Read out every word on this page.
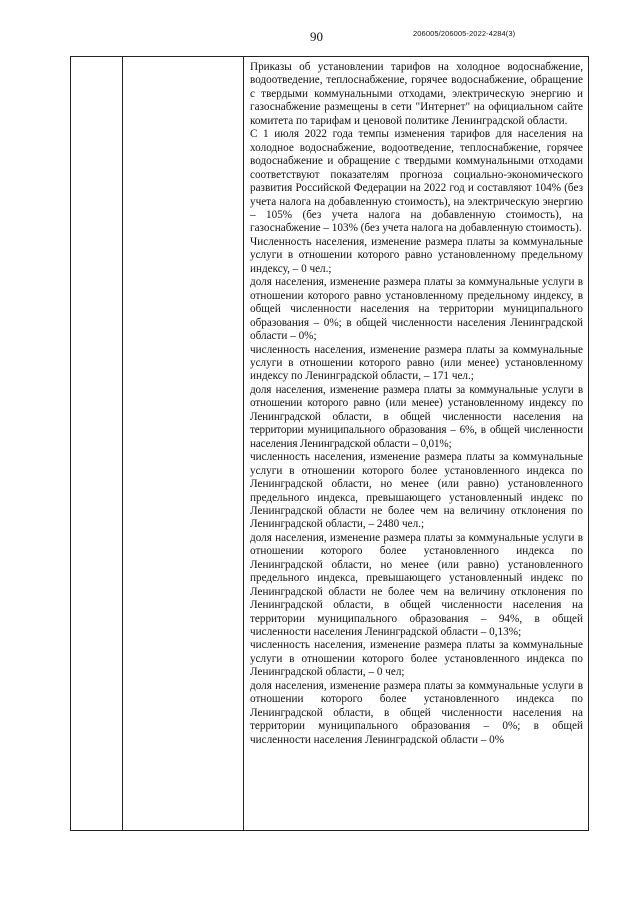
90	206005/206005-2022-4284(3)

Приказы об установлении тарифов на холодное водоснабжение, водоотведение, теплоснабжение, горячее водоснабжение, обращение с твердыми коммунальными отходами, электрическую энергию и газоснабжение размещены в сети "Интернет" на официальном сайте комитета по тарифам и ценовой политике Ленинградской области.

С 1 июля 2022 года темпы изменения тарифов для населения на холодное водоснабжение, водоотведение, теплоснабжение, горячее водоснабжение и обращение с твердыми коммунальными отходами соответствуют показателям прогноза социально-экономического развития Российской Федерации на 2022 год и составляют 104% (без учета налога на добавленную стоимость), на электрическую энергию – 105% (без учета налога на добавленную стоимость), на газоснабжение – 103% (без учета налога на добавленную стоимость).

Численность населения, изменение размера платы за коммунальные услуги в отношении которого равно установленному предельному индексу, – 0 чел.;

доля населения, изменение размера платы за коммунальные услуги в отношении которого равно установленному предельному индексу, в общей численности населения на территории муниципального образования – 0%; в общей численности населения Ленинградской области – 0%;

численность населения, изменение размера платы за коммунальные услуги в отношении которого равно (или менее) установленному индексу по Ленинградской области, – 171 чел.;

доля населения, изменение размера платы за коммунальные услуги в отношении которого равно (или менее) установленному индексу по Ленинградской области, в общей численности населения на территории муниципального образования – 6%, в общей численности населения Ленинградской области – 0,01%;

численность населения, изменение размера платы за коммунальные услуги в отношении которого более установленного индекса по Ленинградской области, но менее (или равно) установленного предельного индекса, превышающего установленный индекс по Ленинградской области не более чем на величину отклонения по Ленинградской области, – 2480 чел.;

доля населения, изменение размера платы за коммунальные услуги в отношении которого более установленного индекса по Ленинградской области, но менее (или равно) установленного предельного индекса, превышающего установленный индекс по Ленинградской области не более чем на величину отклонения по Ленинградской области, в общей численности населения на территории муниципального образования – 94%, в общей численности населения Ленинградской области – 0,13%;

численность населения, изменение размера платы за коммунальные услуги в отношении которого более установленного индекса по Ленинградской области, – 0 чел;

доля населения, изменение размера платы за коммунальные услуги в отношении которого более установленного индекса по Ленинградской области, в общей численности населения на территории муниципального образования – 0%; в общей численности населения Ленинградской области – 0%
